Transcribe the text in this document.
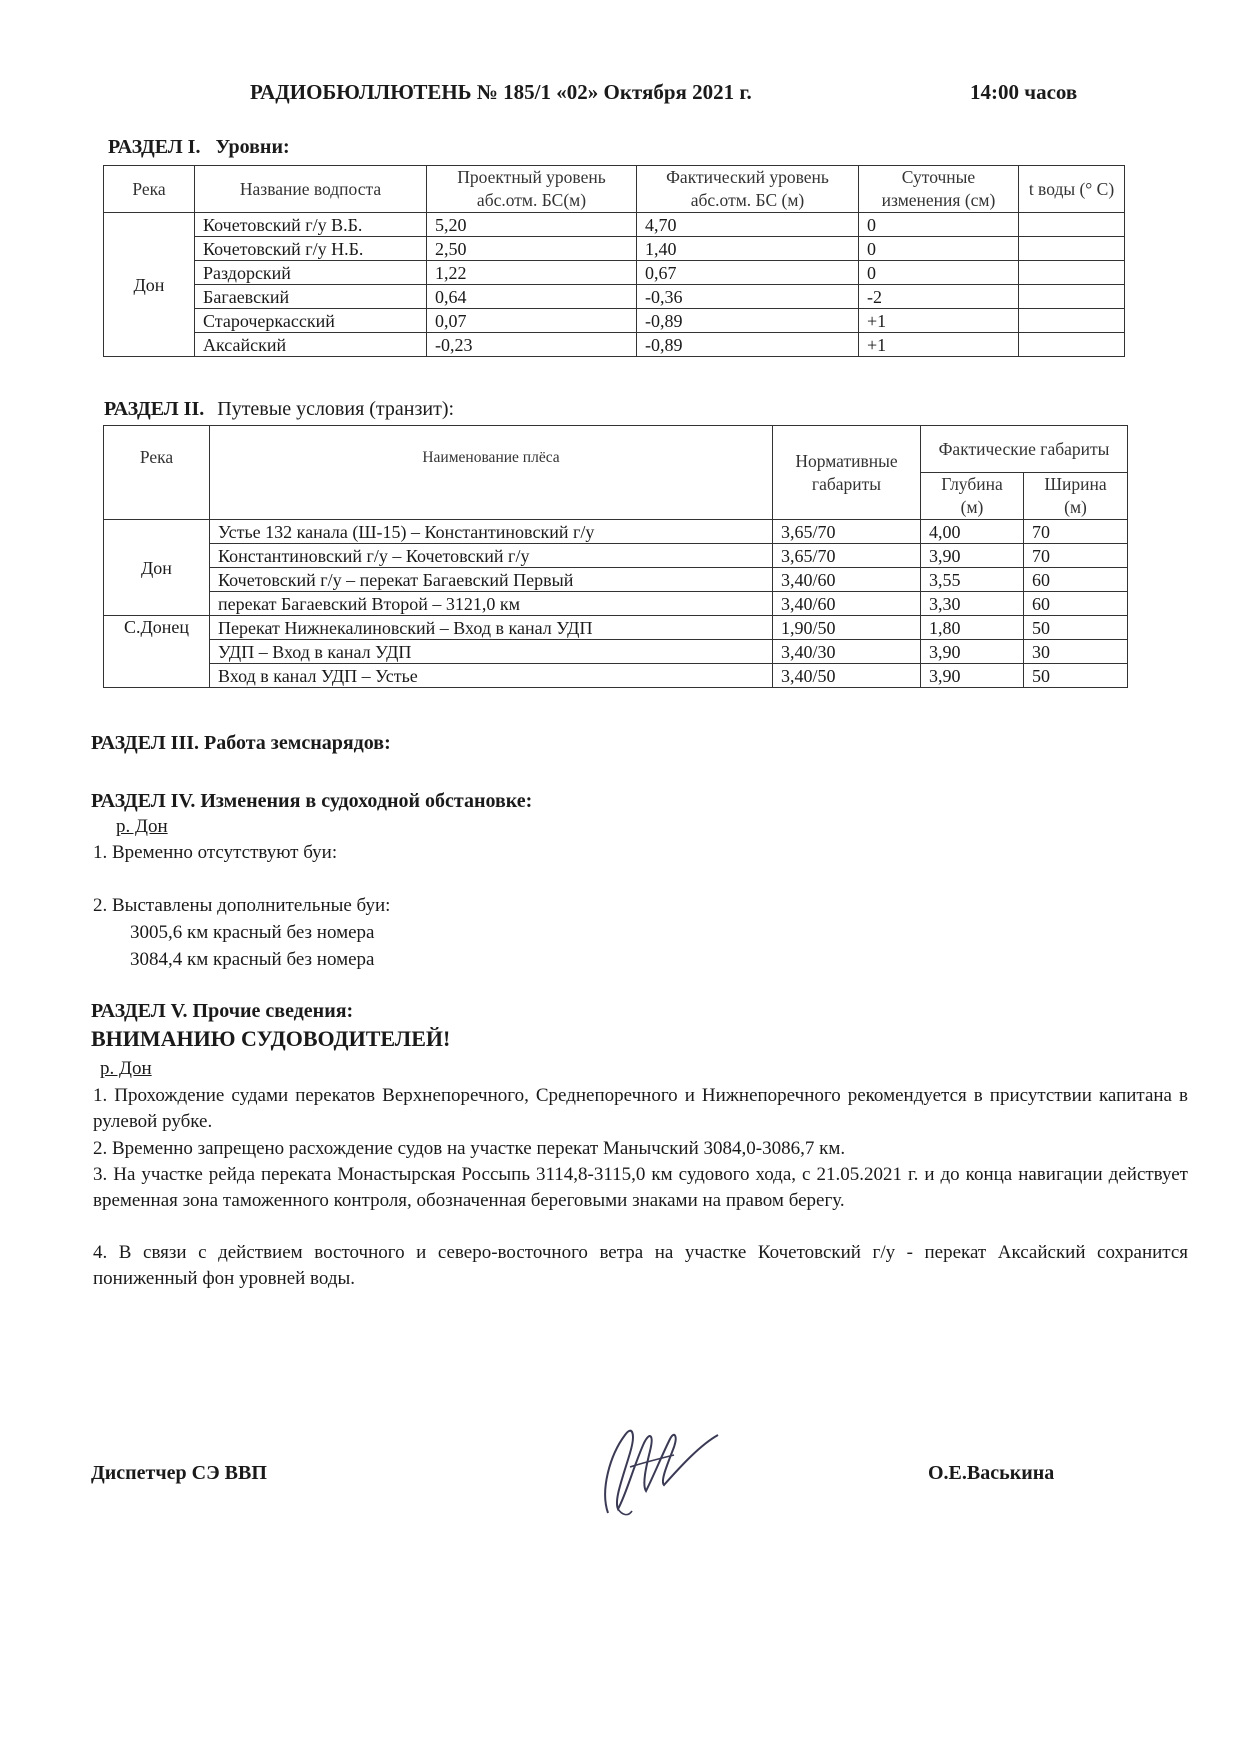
РАДИОБЮЛЛЮТЕНЬ № 185/1 «02» Октября 2021 г.	14:00 часов
РАЗДЕЛ I. Уровни:
Река	Название водпоста	Проектный уровень абс.отм. БС(м)	Фактический уровень абс.отм. БС (м)	Суточные изменения (см)	t воды (° С)
Дон	Кочетовский г/у В.Б.	5,20	4,70	0	
	Кочетовский г/у Н.Б.	2,50	1,40	0	
	Раздорский	1,22	0,67	0	
	Багаевский	0,64	-0,36	-2	
	Старочеркасский	0,07	-0,89	+1	
	Аксайский	-0,23	-0,89	+1	
РАЗДЕЛ II. Путевые условия (транзит):
Река	Наименование плёса	Нормативные габариты	Фактические габариты	
			Глубина (м)	Ширина (м)
Дон	Устье 132 канала (Ш-15) – Константиновский г/у	3,65/70	4,00	70
	Константиновский г/у – Кочетовский г/у	3,65/70	3,90	70
	Кочетовский г/у – перекат Багаевский Первый	3,40/60	3,55	60
	перекат Багаевский Второй – 3121,0 км	3,40/60	3,30	60
С.Донец	Перекат Нижнекалиновский – Вход в канал УДП	1,90/50	1,80	50
	УДП – Вход в канал УДП	3,40/30	3,90	30
	Вход в канал УДП – Устье	3,40/50	3,90	50
РАЗДЕЛ III. Работа земснарядов:
РАЗДЕЛ IV. Изменения в судоходной обстановке:
р. Дон
1. Временно отсутствуют буи:
2. Выставлены дополнительные буи:
3005,6 км красный без номера
3084,4 км красный без номера
РАЗДЕЛ V. Прочие сведения:
ВНИМАНИЮ СУДОВОДИТЕЛЕЙ!
р. Дон
1. Прохождение судами перекатов Верхнепоречного, Среднепоречного и Нижнепоречного рекомендуется в присутствии капитана в рулевой рубке.
2. Временно запрещено расхождение судов на участке перекат Манычский 3084,0-3086,7 км.
3. На участке рейда переката Монастырская Россыпь 3114,8-3115,0 км судового хода, с 21.05.2021 г. и до конца навигации действует временная зона таможенного контроля, обозначенная береговыми знаками на правом берегу.
4. В связи с действием восточного и северо-восточного ветра на участке Кочетовский г/у - перекат Аксайский сохранится пониженный фон уровней воды.
Диспетчер СЭ ВВП	О.Е.Васькина
